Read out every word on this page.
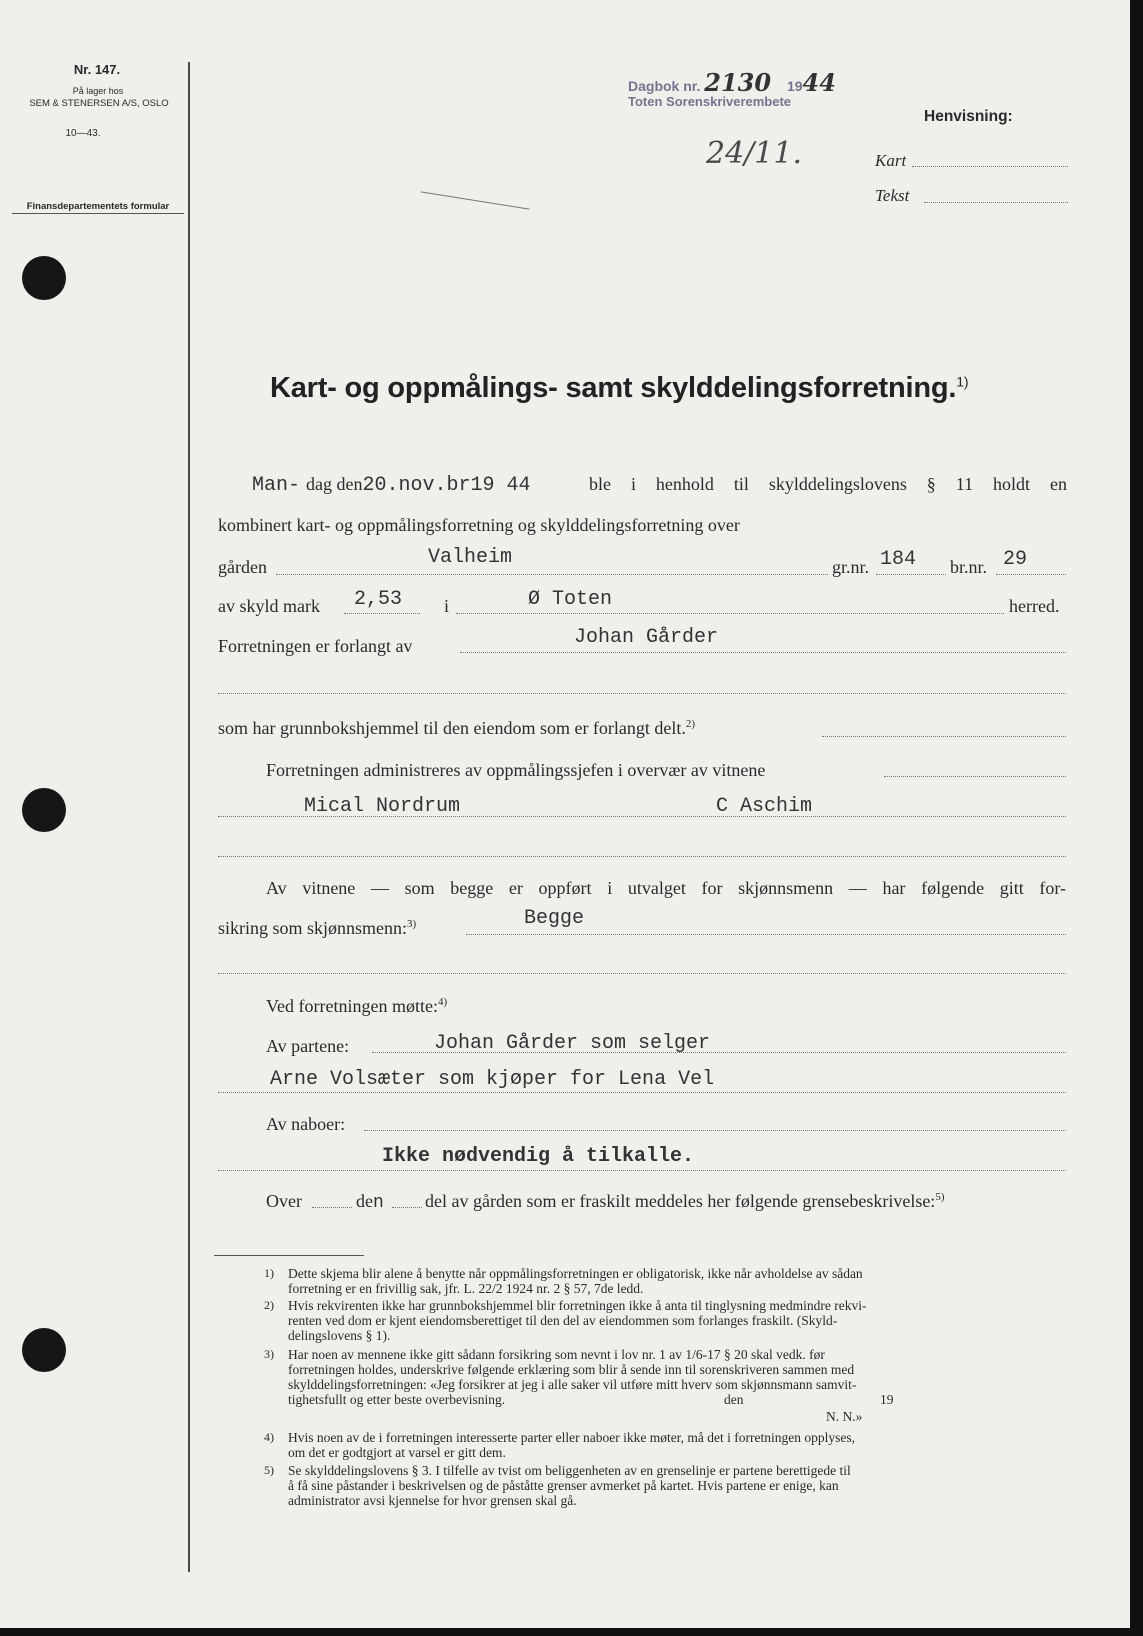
Nr. 147.
På lager hos
SEM & STENERSEN A/S, OSLO
10—43.
Finansdepartementets formular
Dagbok nr. 2130 1944
Toten Sorenskriverembete
24/11.
Henvisning:
Kart
Tekst
Kart- og oppmålings- samt skylddelingsforretning.$^{1)}$
Man- dag den20.nov.br19 44	ble i henhold til skylddelingslovens § 11 holdt en
kombinert kart- og oppmålingsforretning og skylddelingsforretning over
gården	Valheim	gr.nr. 184 br.nr. 29
av skyld mark 2,53 i	Ø Toten	herred.
Forretningen er forlangt av	Johan Gårder
som har grunnbokshjemmel til den eiendom som er forlangt delt.$^{2)}$
Forretningen administreres av oppmålingssjefen i overvær av vitnene
Mical Nordrum	C Aschim
Av vitnene — som begge er oppført i utvalget for skjønnsmenn — har følgende gitt for-
sikring som skjønnsmenn:$^{3)}$	Begge
Ved forretningen møtte:$^{4)}$
Av partene:	Johan Gårder som selger
Arne Volsæter som kjøper for Lena Vel
Av naboer:
Ikke nødvendig å tilkalle.
Over	den del av gården som er fraskilt meddeles her følgende grensebeskrivelse:$^{5)}$
1) Dette skjema blir alene å benytte når oppmålingsforretningen er obligatorisk, ikke når avholdelse av sådan
forretning er en frivillig sak, jfr. L. 22/2 1924 nr. 2 § 57, 7de ledd.
2) Hvis rekvirenten ikke har grunnbokshjemmel blir forretningen ikke å anta til tinglysning medmindre rekvi-
renten ved dom er kjent eiendomsberettiget til den del av eiendommen som forlanges fraskilt. (Skyld-
delingslovens § 1).
3) Har noen av mennene ikke gitt sådann forsikring som nevnt i lov nr. 1 av 1/6-17 § 20 skal vedk. før
forretningen holdes, underskrive følgende erklæring som blir å sende inn til sorenskriveren sammen med
skylddelingsforretningen: «Jeg forsikrer at jeg i alle saker vil utføre mitt hverv som skjønnsmann samvit-
tighetsfullt og etter beste overbevisning.	den	19
N. N.»
4) Hvis noen av de i forretningen interesserte parter eller naboer ikke møter, må det i forretningen opplyses,
om det er godtgjort at varsel er gitt dem.
5) Se skylddelingslovens § 3. I tilfelle av tvist om beliggenheten av en grenselinje er partene berettigede til
å få sine påstander i beskrivelsen og de påståtte grenser avmerket på kartet. Hvis partene er enige, kan
administrator avsi kjennelse for hvor grensen skal gå.
